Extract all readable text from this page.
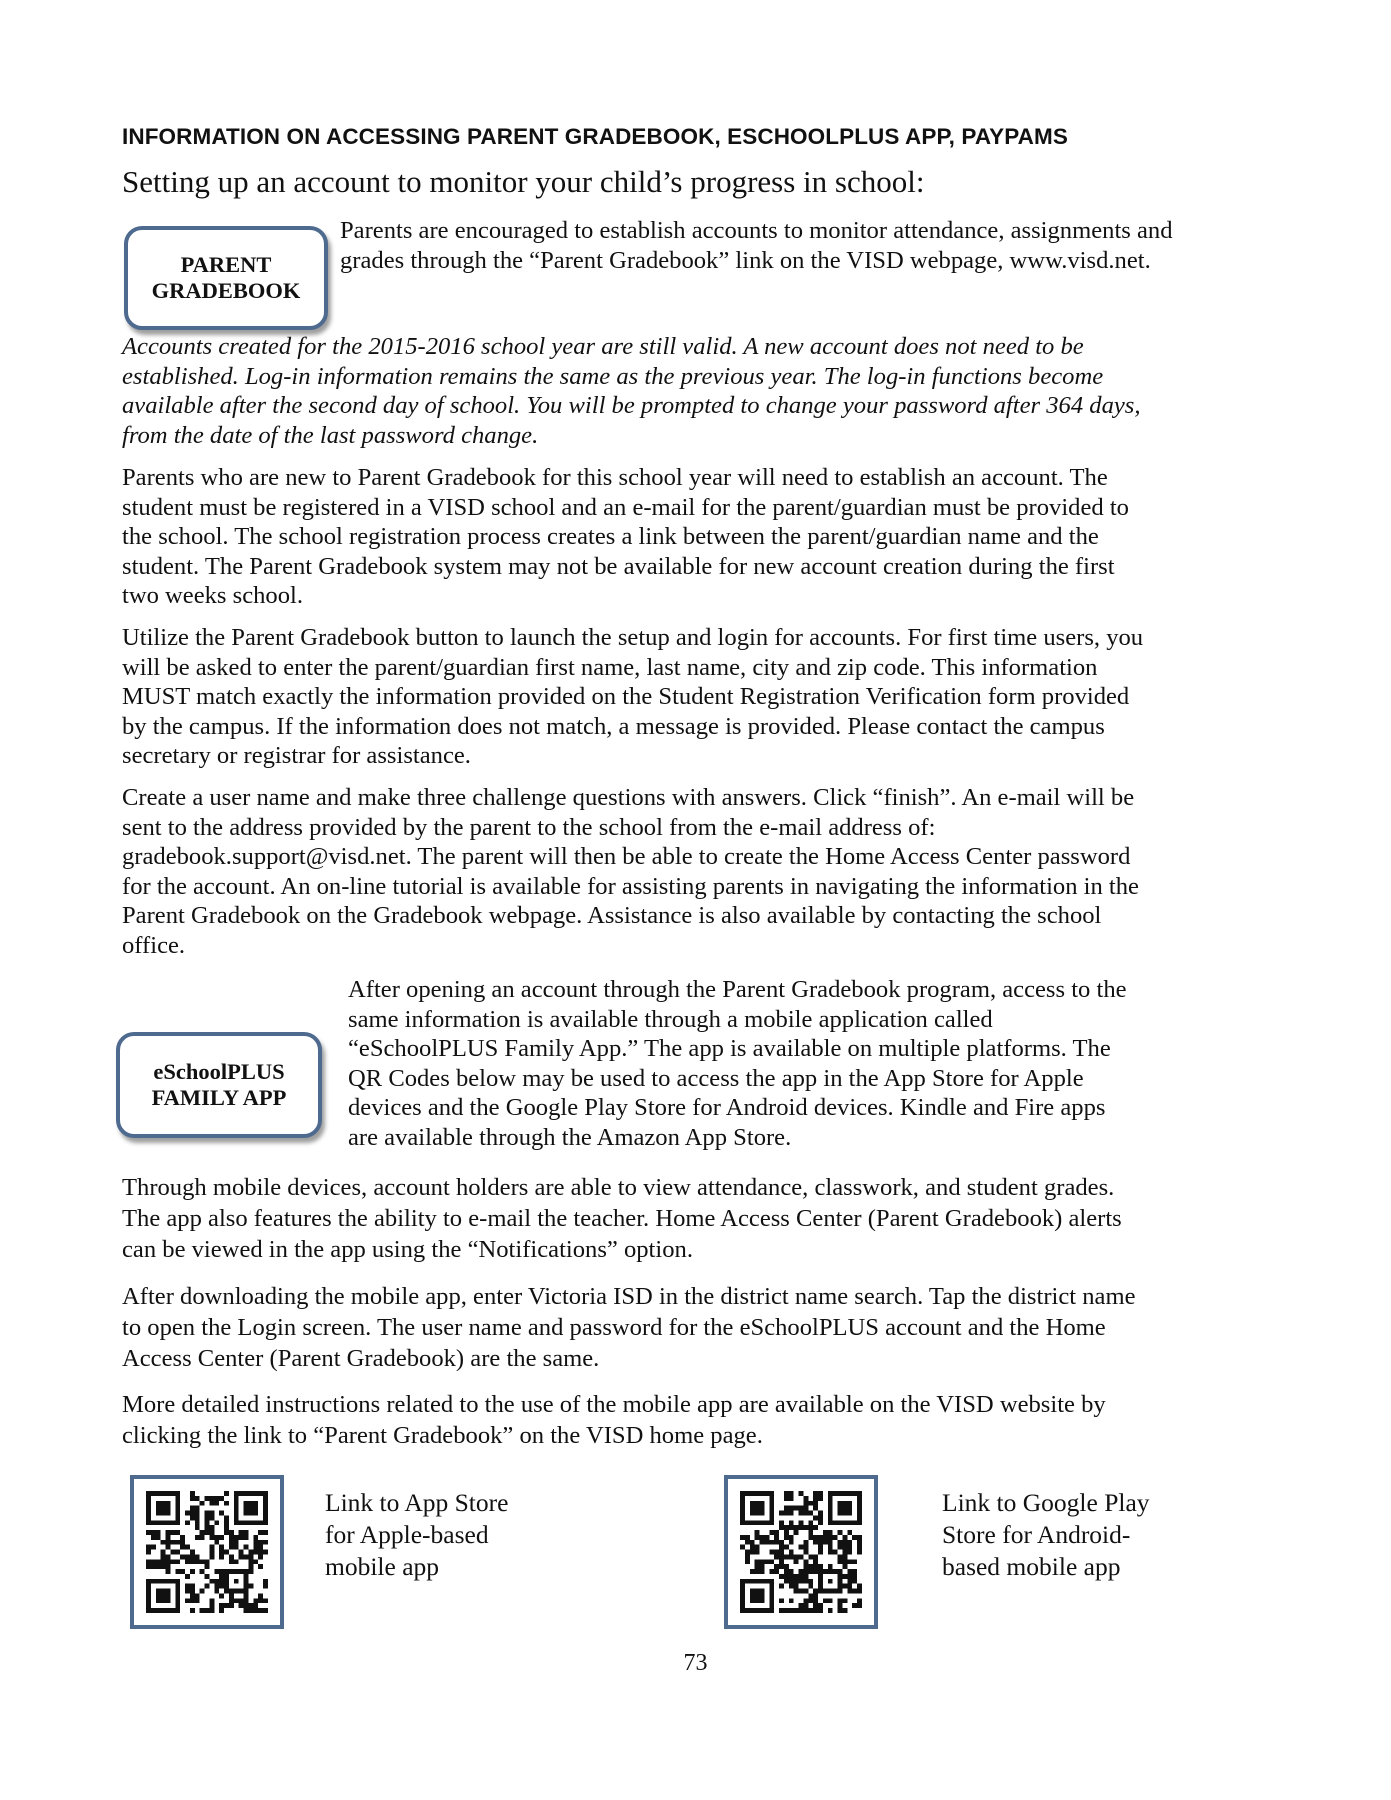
INFORMATION ON ACCESSING PARENT GRADEBOOK, ESCHOOLPLUS APP, PAYPAMS
Setting up an account to monitor your child’s progress in school:
PARENT
GRADEBOOK
Parents are encouraged to establish accounts to monitor attendance, assignments and
grades through the “Parent Gradebook” link on the VISD webpage, www.visd.net.
Accounts created for the 2015-2016 school year are still valid. A new account does not need to be
established. Log-in information remains the same as the previous year. The log-in functions become
available after the second day of school. You will be prompted to change your password after 364 days,
from the date of the last password change.
Parents who are new to Parent Gradebook for this school year will need to establish an account. The
student must be registered in a VISD school and an e-mail for the parent/guardian must be provided to
the school. The school registration process creates a link between the parent/guardian name and the
student. The Parent Gradebook system may not be available for new account creation during the first
two weeks school.
Utilize the Parent Gradebook button to launch the setup and login for accounts. For first time users, you
will be asked to enter the parent/guardian first name, last name, city and zip code. This information
MUST match exactly the information provided on the Student Registration Verification form provided
by the campus. If the information does not match, a message is provided. Please contact the campus
secretary or registrar for assistance.
Create a user name and make three challenge questions with answers. Click “finish”. An e-mail will be
sent to the address provided by the parent to the school from the e-mail address of:
gradebook.support@visd.net. The parent will then be able to create the Home Access Center password
for the account. An on-line tutorial is available for assisting parents in navigating the information in the
Parent Gradebook on the Gradebook webpage. Assistance is also available by contacting the school
office.
eSchoolPLUS
FAMILY APP
After opening an account through the Parent Gradebook program, access to the
same information is available through a mobile application called
“eSchoolPLUS Family App.” The app is available on multiple platforms. The
QR Codes below may be used to access the app in the App Store for Apple
devices and the Google Play Store for Android devices. Kindle and Fire apps
are available through the Amazon App Store.
Through mobile devices, account holders are able to view attendance, classwork, and student grades.
The app also features the ability to e-mail the teacher. Home Access Center (Parent Gradebook) alerts
can be viewed in the app using the “Notifications” option.
After downloading the mobile app, enter Victoria ISD in the district name search. Tap the district name
to open the Login screen. The user name and password for the eSchoolPLUS account and the Home
Access Center (Parent Gradebook) are the same.
More detailed instructions related to the use of the mobile app are available on the VISD website by
clicking the link to “Parent Gradebook” on the VISD home page.
Link to App Store
for Apple-based
mobile app
Link to Google Play
Store for Android-
based mobile app
73
